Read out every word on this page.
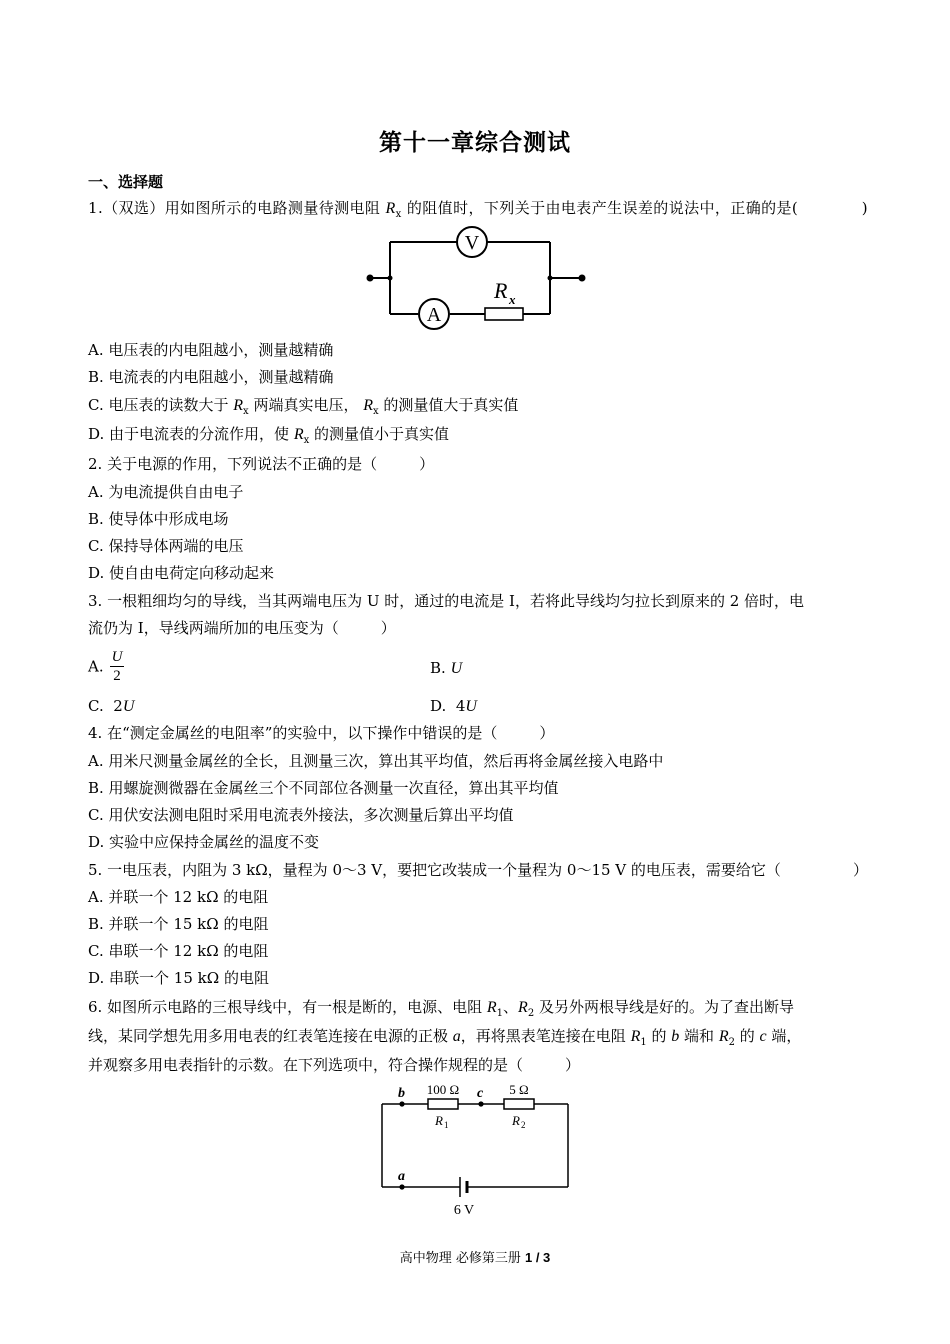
第十一章综合测试
一、选择题
1.（双选）用如图所示的电路测量待测电阻 $R_x$ 的阻值时，下列关于由电表产生误差的说法中，正确的是(	)
V
A
R x
A. 电压表的内电阻越小，测量越精确
B. 电流表的内电阻越小，测量越精确
C. 电压表的读数大于 $R_x$ 两端真实电压， $R_x$ 的测量值大于真实值
D. 由于电流表的分流作用，使 $R_x$ 的测量值小于真实值
2. 关于电源的作用，下列说法不正确的是（	）
A. 为电流提供自由电子
B. 使导体中形成电场
C. 保持导体两端的电压
D. 使自由电荷定向移动起来
3. 一根粗细均匀的导线，当其两端电压为 U 时，通过的电流是 I，若将此导线均匀拉长到原来的 2 倍时，电
流仍为 I，导线两端所加的电压变为（	）
A. $\frac{U}{2}$	B. U
C. 2U	D. 4U
4. 在“测定金属丝的电阻率”的实验中，以下操作中错误的是（	）
A. 用米尺测量金属丝的全长，且测量三次，算出其平均值，然后再将金属丝接入电路中
B. 用螺旋测微器在金属丝三个不同部位各测量一次直径，算出其平均值
C. 用伏安法测电阻时采用电流表外接法，多次测量后算出平均值
D. 实验中应保持金属丝的温度不变
5. 一电压表，内阻为 3 kΩ，量程为 0～3 V，要把它改装成一个量程为 0～15 V 的电压表，需要给它（	）
A. 并联一个 12 kΩ 的电阻
B. 并联一个 15 kΩ 的电阻
C. 串联一个 12 kΩ 的电阻
D. 串联一个 15 kΩ 的电阻
6. 如图所示电路的三根导线中，有一根是断的，电源、电阻 $R_1$、$R_2$ 及另外两根导线是好的。为了查出断导
线，某同学想先用多用电表的红表笔连接在电源的正极 a，再将黑表笔连接在电阻 $R_1$ 的 b 端和 $R_2$ 的 c 端，
并观察多用电表指针的示数。在下列选项中，符合操作规程的是（	）
b	c
a
100 Ω	5 Ω
R 1	R 2
6 V
高中物理 必修第三册 1 / 3
